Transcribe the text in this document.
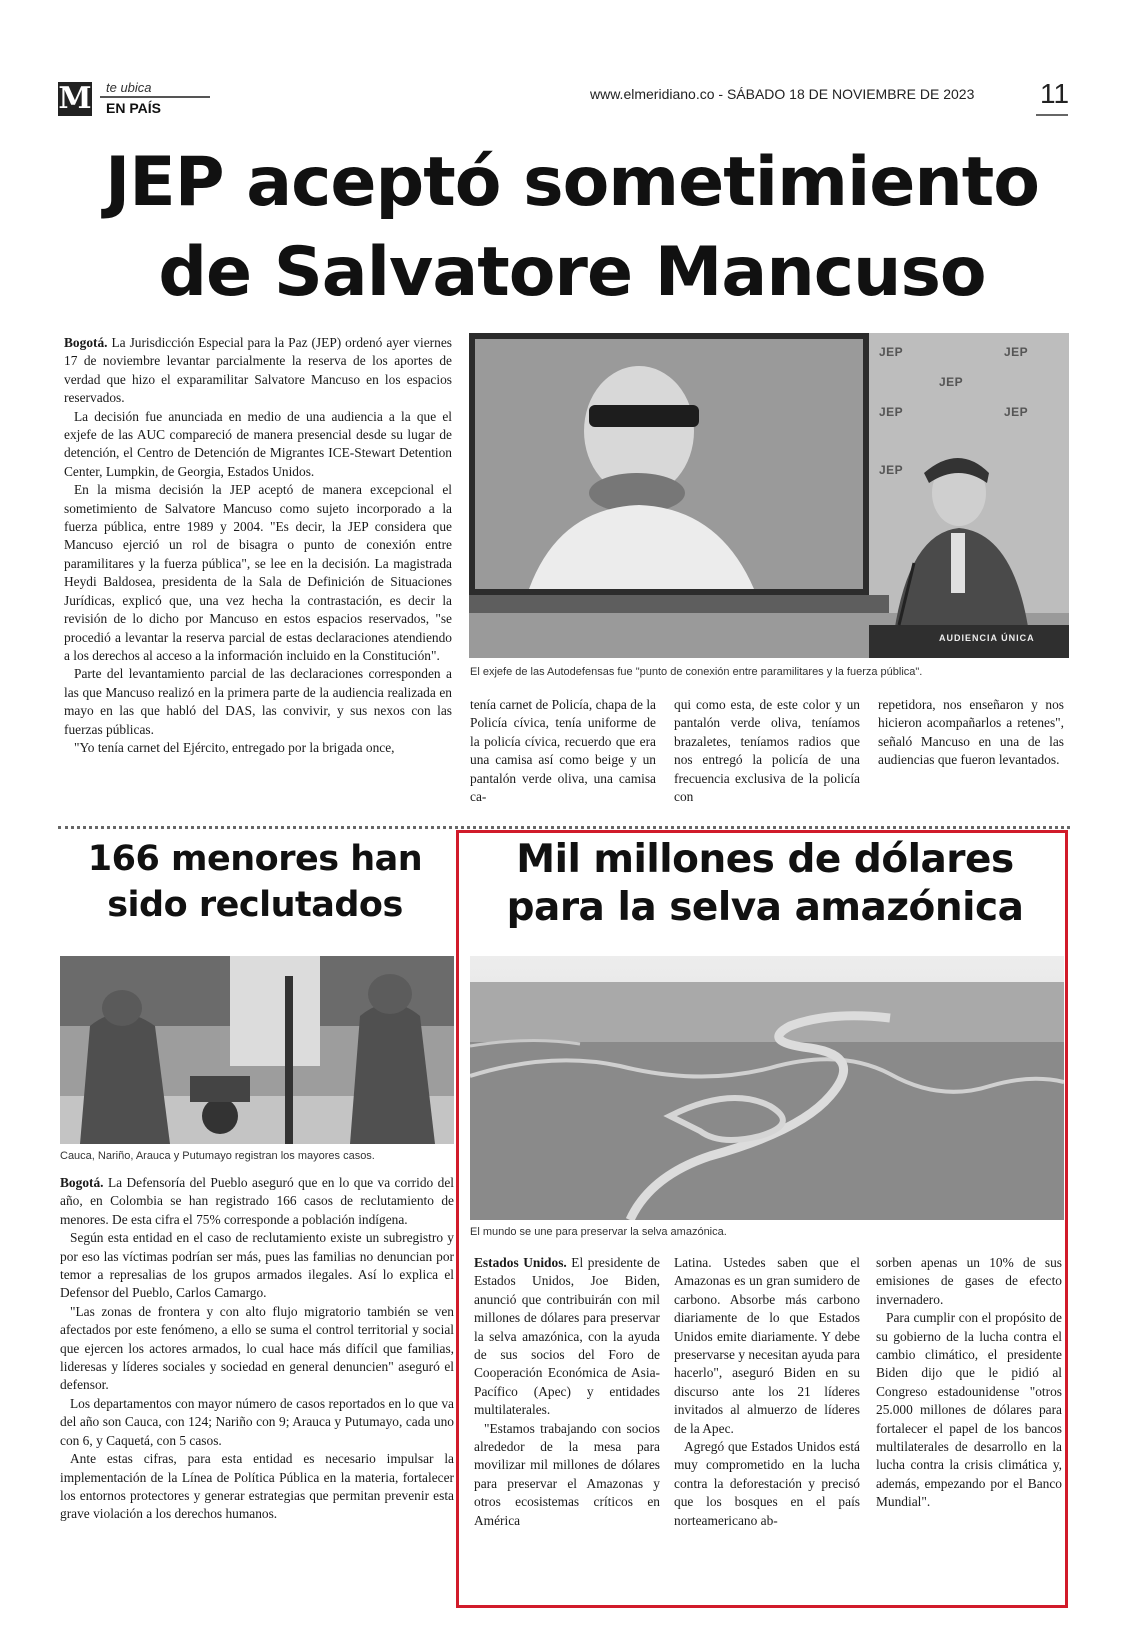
M te ubica
EN PAÍS
www.elmeridiano.co - SÁBADO 18 DE NOVIEMBRE DE 2023	11
JEP aceptó sometimiento
de Salvatore Mancuso

Bogotá. La Jurisdicción Especial para la Paz (JEP) ordenó ayer viernes 17 de noviembre levantar parcialmente la reserva de los aportes de verdad que hizo el exparamilitar Salvatore Mancuso en los espacios reservados.

La decisión fue anunciada en medio de una audiencia a la que el exjefe de las AUC compareció de manera presencial desde su lugar de detención, el Centro de Detención de Migrantes ICE-Stewart Detention Center, Lumpkin, de Georgia, Estados Unidos.

En la misma decisión la JEP aceptó de manera excepcional el sometimiento de Salvatore Mancuso como sujeto incorporado a la fuerza pública, entre 1989 y 2004. "Es decir, la JEP considera que Mancuso ejerció un rol de bisagra o punto de conexión entre paramilitares y la fuerza pública", se lee en la decisión. La magistrada Heydi Baldosea, presidenta de la Sala de Definición de Situaciones Jurídicas, explicó que, una vez hecha la contrastación, es decir la revisión de lo dicho por Mancuso en estos espacios reservados, "se procedió a levantar la reserva parcial de estas declaraciones atendiendo a los derechos al acceso a la información incluido en la Constitución".

Parte del levantamiento parcial de las declaraciones corresponden a las que Mancuso realizó en la primera parte de la audiencia realizada en mayo en las que habló del DAS, las convivir, y sus nexos con las fuerzas públicas.

"Yo tenía carnet del Ejército, entregado por la brigada once,

JEP	JEP
JEP
JEP	JEP
JEP
AUDIENCIA ÚNICA
El exjefe de las Autodefensas fue "punto de conexión entre paramilitares y la fuerza pública".

tenía carnet de Policía, chapa de la Policía cívica, tenía uniforme de la policía cívica, recuerdo que era una camisa así como beige y un pantalón verde oliva, una camisa ca-

qui como esta, de este color y un pantalón verde oliva, teníamos brazaletes, teníamos radios que nos entregó la policía de una frecuencia exclusiva de la policía con

repetidora, nos enseñaron y nos hicieron acompañarlos a retenes", señaló Mancuso en una de las audiencias que fueron levantados.

166 menores han
sido reclutados
Cauca, Nariño, Arauca y Putumayo registran los mayores casos.

Bogotá. La Defensoría del Pueblo aseguró que en lo que va corrido del año, en Colombia se han registrado 166 casos de reclutamiento de menores. De esta cifra el 75% corresponde a población indígena.

Según esta entidad en el caso de reclutamiento existe un subregistro y por eso las víctimas podrían ser más, pues las familias no denuncian por temor a represalias de los grupos armados ilegales. Así lo explica el Defensor del Pueblo, Carlos Camargo.

"Las zonas de frontera y con alto flujo migratorio también se ven afectados por este fenómeno, a ello se suma el control territorial y social que ejercen los actores armados, lo cual hace más difícil que familias, lideresas y líderes sociales y sociedad en general denuncien" aseguró el defensor.

Los departamentos con mayor número de casos reportados en lo que va del año son Cauca, con 124; Nariño con 9; Arauca y Putumayo, cada uno con 6, y Caquetá, con 5 casos.

Ante estas cifras, para esta entidad es necesario impulsar la implementación de la Línea de Política Pública en la materia, fortalecer los entornos protectores y generar estrategias que permitan prevenir esta grave violación a los derechos humanos.

Mil millones de dólares
para la selva amazónica
El mundo se une para preservar la selva amazónica.

Estados Unidos. El presidente de Estados Unidos, Joe Biden, anunció que contribuirán con mil millones de dólares para preservar la selva amazónica, con la ayuda de sus socios del Foro de Cooperación Económica de Asia-Pacífico (Apec) y entidades multilaterales.

"Estamos trabajando con socios alrededor de la mesa para movilizar mil millones de dólares para preservar el Amazonas y otros ecosistemas críticos en América

Latina. Ustedes saben que el Amazonas es un gran sumidero de carbono. Absorbe más carbono diariamente de lo que Estados Unidos emite diariamente. Y debe preservarse y necesitan ayuda para hacerlo", aseguró Biden en su discurso ante los 21 líderes invitados al almuerzo de líderes de la Apec.

Agregó que Estados Unidos está muy comprometido en la lucha contra la deforestación y precisó que los bosques en el país norteamericano ab-

sorben apenas un 10% de sus emisiones de gases de efecto invernadero.

Para cumplir con el propósito de su gobierno de la lucha contra el cambio climático, el presidente Biden dijo que le pidió al Congreso estadounidense "otros 25.000 millones de dólares para fortalecer el papel de los bancos multilaterales de desarrollo en la lucha contra la crisis climática y, además, empezando por el Banco Mundial".
